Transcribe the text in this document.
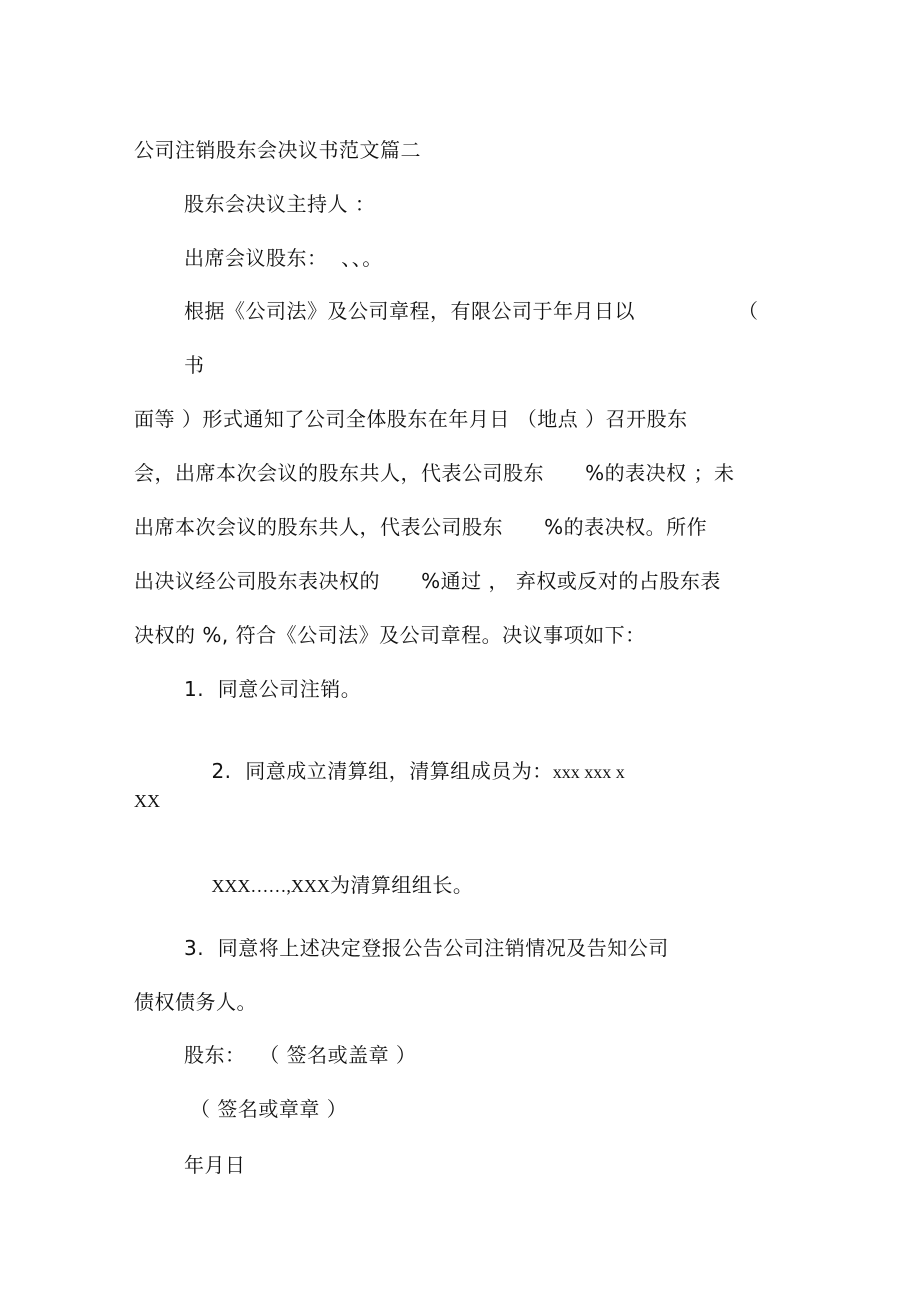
公司注销股东会决议书范文篇二
股东会决议主持人 ：
出席会议股东：  、、。
根据《公司法》及公司章程，有限公司于年月日以	（
书
面等 ）形式通知了公司全体股东在年月日 （地点 ）召开股东
会，出席本次会议的股东共人，代表公司股东      %的表决权 ；未
出席本次会议的股东共人，代表公司股东      %的表决权。所作
出决议经公司股东表决权的      %通过 ， 弃权或反对的占股东表
决权的 %, 符合《公司法》及公司章程。决议事项如下：
1.  同意公司注销。

2.  同意成立清算组，清算组成员为：xxx xxx x

XX

XXX……,XXX为清算组组长。

3.  同意将上述决定登报公告公司注销情况及告知公司
债权债务人。
股东：  （ 签名或盖章 ）
（ 签名或章章 ）
年月日
